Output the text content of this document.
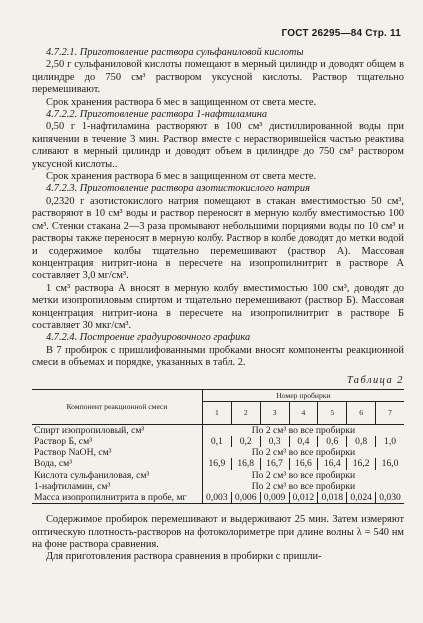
ГОСТ 26295—84 Стр. 11

4.7.2.1. Приготовление раствора сульфаниловой кислоты

2,50 г сульфаниловой кислоты помещают в мерный цилиндр и доводят общем в цилиндре до 750 см³ раствором уксусной кислоты. Раствор тщательно перемешивают.

Срок хранения раствора 6 мес в защищенном от света месте.

4.7.2.2. Приготовление раствора 1-нафтиламина

0,50 г 1-нафтиламина растворяют в 100 см³ дистиллированной воды при кипячении в течение 3 мин. Раствор вместе с нерастворившейся частью реактива сливают в мерный цилиндр и доводят объем в цилиндре до 750 см³ раствором уксусной кислоты..

Срок хранения раствора 6 мес в защищенном от света месте.

4.7.2.3. Приготовление раствора азотистокислого натрия

0,2320 г азотистокислого натрия помещают в стакан вместимостью 50 см³, растворяют в 10 см³ воды и раствор переносят в мерную колбу вместимостью 100 см³. Стенки стакана 2—3 раза промывают небольшими порциями воды по 10 см³ и растворы также переносят в мерную колбу. Раствор в колбе доводят до метки водой и содержимое колбы тщательно перемешивают (раствор А). Массовая концентрация нитрит-иона в пересчете на изопропилнитрит в растворе А составляет 3,0 мг/см³.

1 см³ раствора А вносят в мерную колбу вместимостью 100 см³, доводят до метки изопропиловым спиртом и тщательно перемешивают (раствор Б). Массовая концентрация нитрит-иона в пересчете на изопропилнитрит в растворе Б составляет 30 мкг/см³.

4.7.2.4. Построение градуировочного графика

В 7 пробирок с пришлифованными пробками вносят компоненты реакционной смеси в объемах и порядке, указанных в табл. 2.

Таблица 2
Компонент реакционной смеси	Номер пробирки						
	1	2	3	4	5	6	7
Спирт изопропиловый, см³	По 2 см³ во все пробирки						
Раствор Б, см³	0,1	0,2	0,3	0,4	0,6	0,8	1,0
Раствор NaOH, см³	По 2 см³ во все пробирки						
Вода, см³	16,9	16,8	16,7	16,6	16,4	16,2	16,0
Кислота сульфаниловая, см³	По 2 см³ во все пробирки						
1-нафтиламин, см³	По 2 см³ во все пробирки						
Масса изопропилнитрита в пробе, мг	0,003	0,006	0,009	0,012	0,018	0,024	0,030

Содержимое пробирок перемешивают и выдерживают 25 мин. Затем измеряют оптическую плотность-растворов на фотоколориметре при длине волны λ = 540 нм на фоне раствора сравнения.

Для приготовления раствора сравнения в пробирки с пришли-
